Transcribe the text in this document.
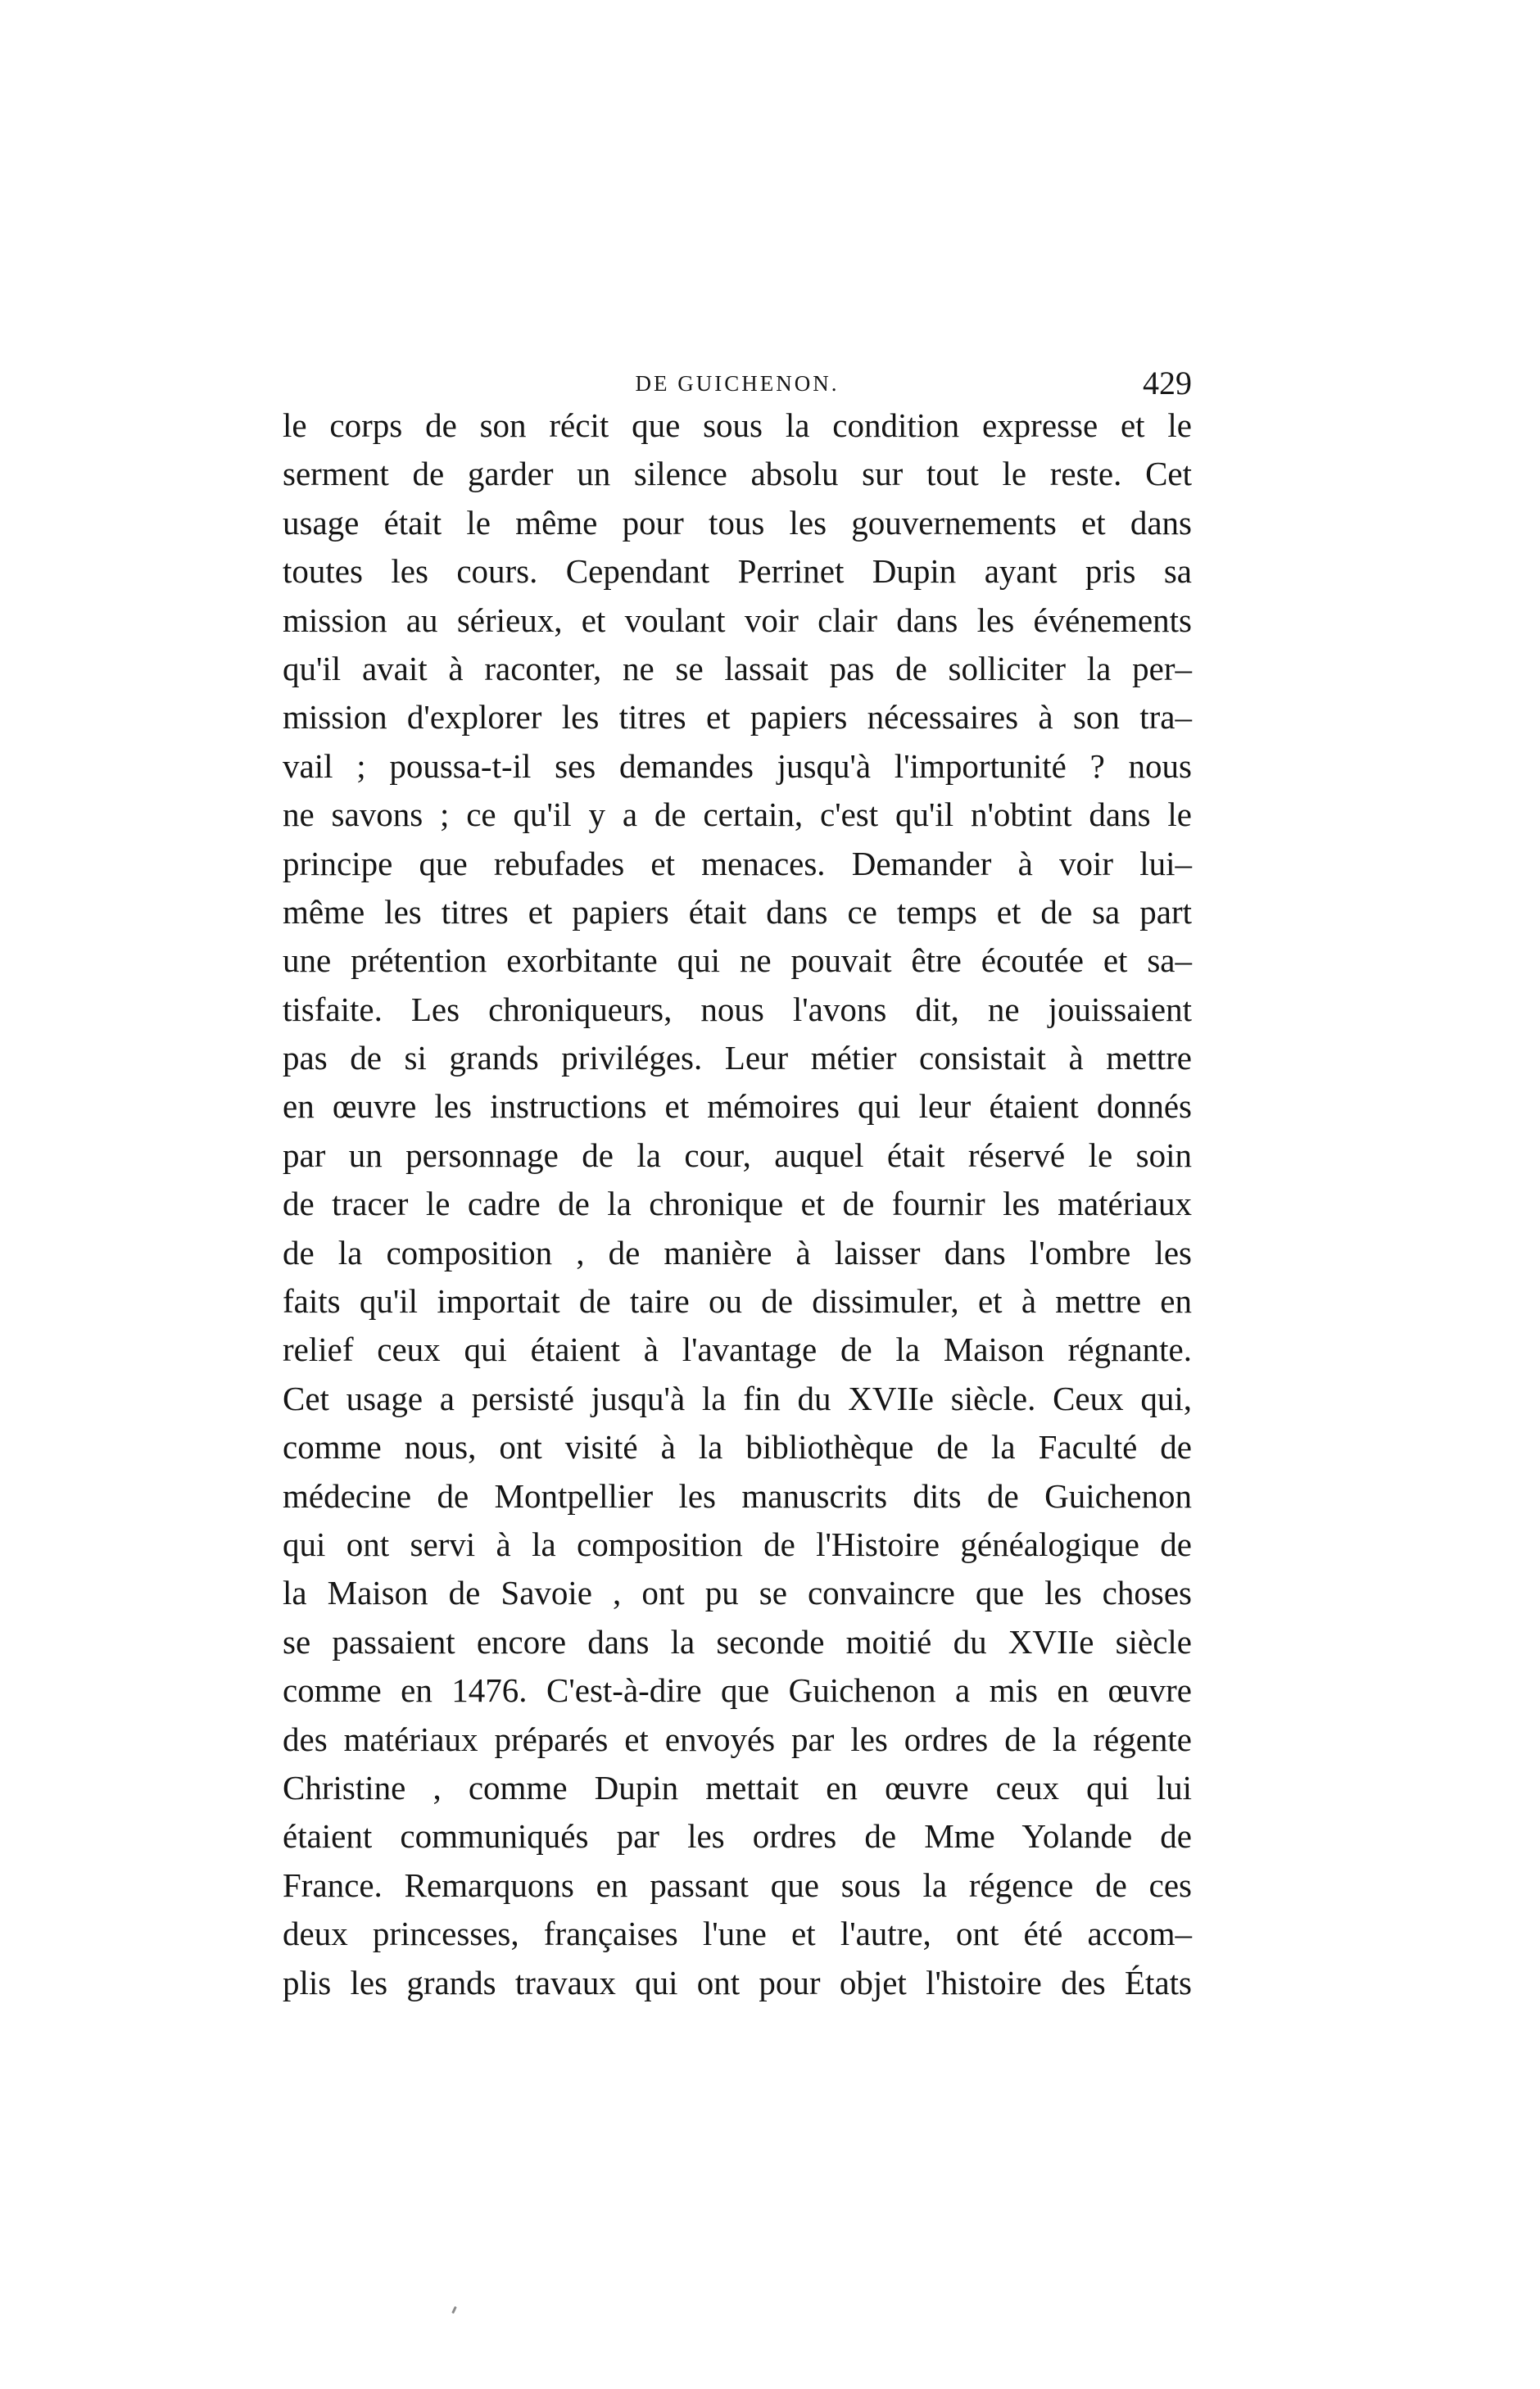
DE GUICHENON.	429
le corps de son récit que sous la condition expresse et le
serment de garder un silence absolu sur tout le reste. Cet
usage était le même pour tous les gouvernements et dans
toutes les cours. Cependant Perrinet Dupin ayant pris sa
mission au sérieux, et voulant voir clair dans les événements
qu'il avait à raconter, ne se lassait pas de solliciter la per–
mission d'explorer les titres et papiers nécessaires à son tra–
vail ; poussa-t-il ses demandes jusqu'à l'importunité ? nous
ne savons ; ce qu'il y a de certain, c'est qu'il n'obtint dans le
principe que rebufades et menaces. Demander à voir lui–
même les titres et papiers était dans ce temps et de sa part
une prétention exorbitante qui ne pouvait être écoutée et sa–
tisfaite. Les chroniqueurs, nous l'avons dit, ne jouissaient
pas de si grands priviléges. Leur métier consistait à mettre
en œuvre les instructions et mémoires qui leur étaient donnés
par un personnage de la cour, auquel était réservé le soin
de tracer le cadre de la chronique et de fournir les matériaux
de la composition , de manière à laisser dans l'ombre les
faits qu'il importait de taire ou de dissimuler, et à mettre en
relief ceux qui étaient à l'avantage de la Maison régnante.
Cet usage a persisté jusqu'à la fin du XVIIe siècle. Ceux qui,
comme nous, ont visité à la bibliothèque de la Faculté de
médecine de Montpellier les manuscrits dits de Guichenon
qui ont servi à la composition de l'Histoire généalogique de
la Maison de Savoie , ont pu se convaincre que les choses
se passaient encore dans la seconde moitié du XVIIe siècle
comme en 1476. C'est-à-dire que Guichenon a mis en œuvre
des matériaux préparés et envoyés par les ordres de la régente
Christine , comme Dupin mettait en œuvre ceux qui lui
étaient communiqués par les ordres de Mme Yolande de
France. Remarquons en passant que sous la régence de ces
deux princesses, françaises l'une et l'autre, ont été accom–
plis les grands travaux qui ont pour objet l'histoire des États
